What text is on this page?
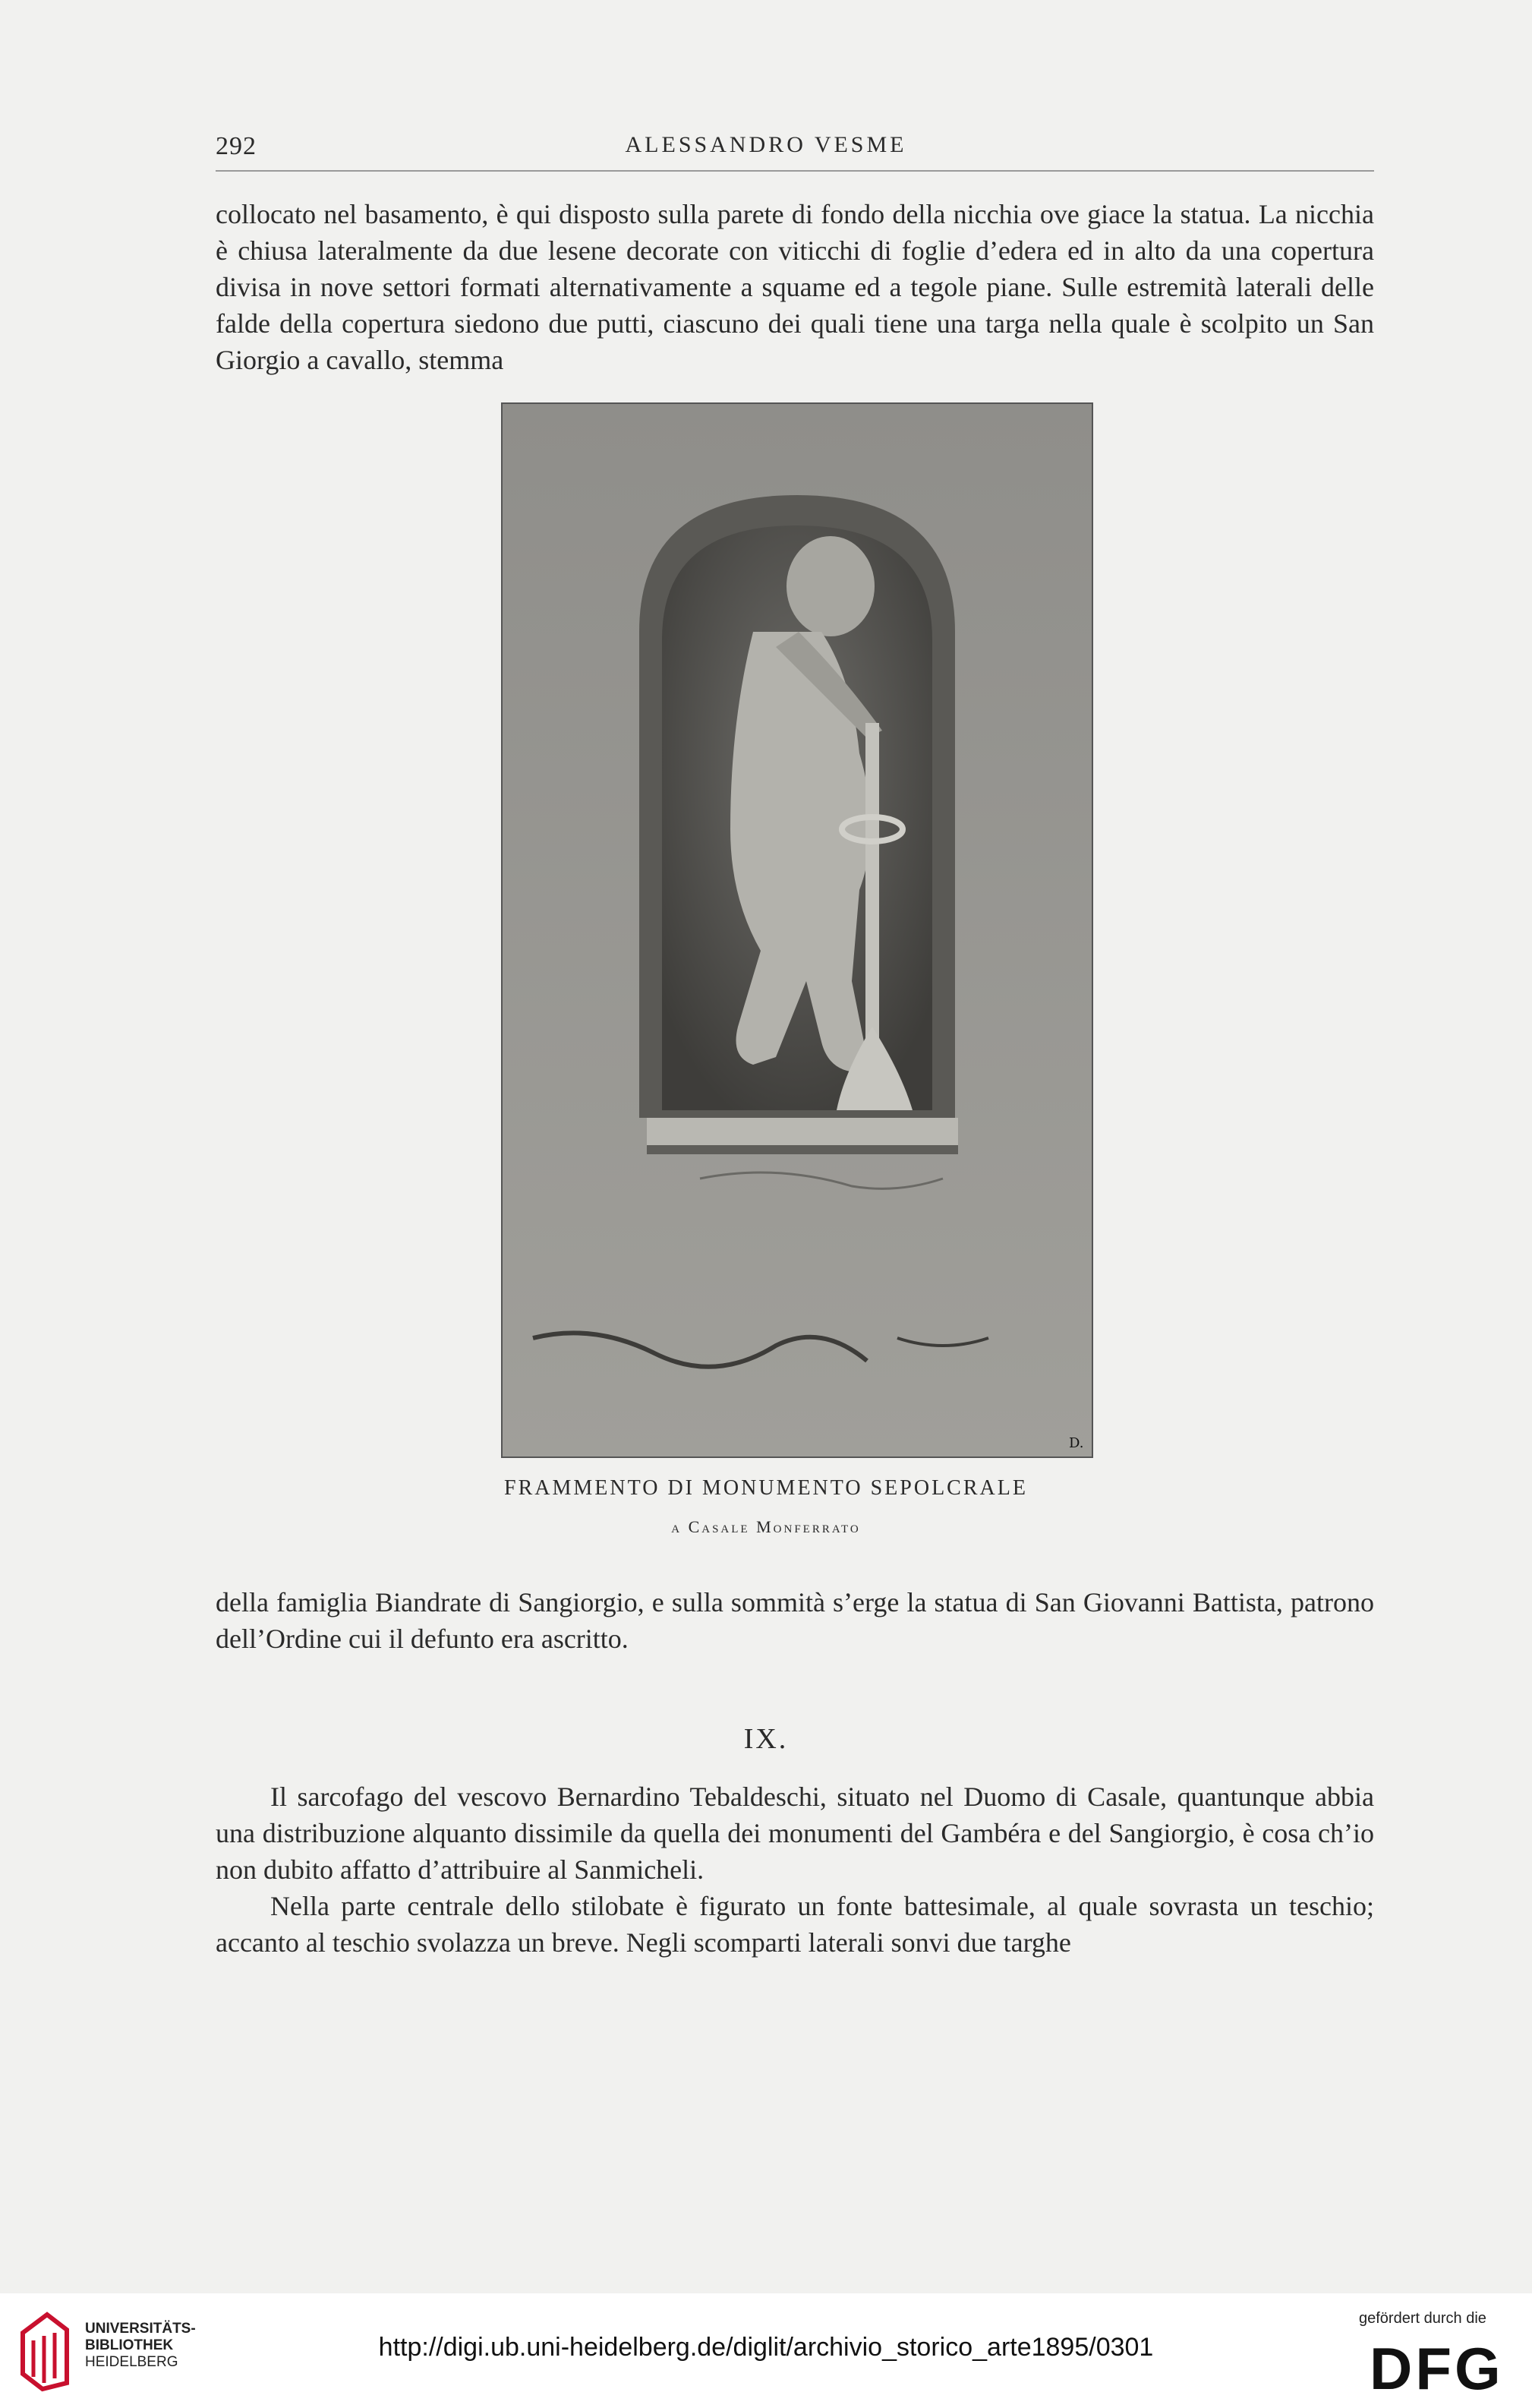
292	ALESSANDRO VESME

collocato nel basamento, è qui disposto sulla parete di fondo della nicchia ove giace la statua. La nicchia è chiusa lateralmente da due lesene decorate con viticchi di foglie d’edera ed in alto da una copertura divisa in nove settori formati alternativamente a squame ed a tegole piane. Sulle estremità laterali delle falde della copertura siedono due putti, ciascuno dei quali tiene una targa nella quale è scolpito un San Giorgio a cavallo, stemma

D.
FRAMMENTO DI MONUMENTO SEPOLCRALE
a Casale Monferrato

della famiglia Biandrate di Sangiorgio, e sulla sommità s’erge la statua di San Giovanni Battista, patrono dell’Ordine cui il defunto era ascritto.

IX.

Il sarcofago del vescovo Bernardino Tebaldeschi, situato nel Duomo di Casale, quantunque abbia una distribuzione alquanto dissimile da quella dei monumenti del Gambéra e del Sangiorgio, è cosa ch’io non dubito affatto d’attribuire al Sanmicheli.

Nella parte centrale dello stilobate è figurato un fonte battesimale, al quale sovrasta un teschio; accanto al teschio svolazza un breve. Negli scomparti laterali sonvi due targhe

UNIVERSITÄTS-
BIBLIOTHEK
HEIDELBERG
http://digi.ub.uni-heidelberg.de/diglit/archivio_storico_arte1895/0301
gefördert durch die
DFG
